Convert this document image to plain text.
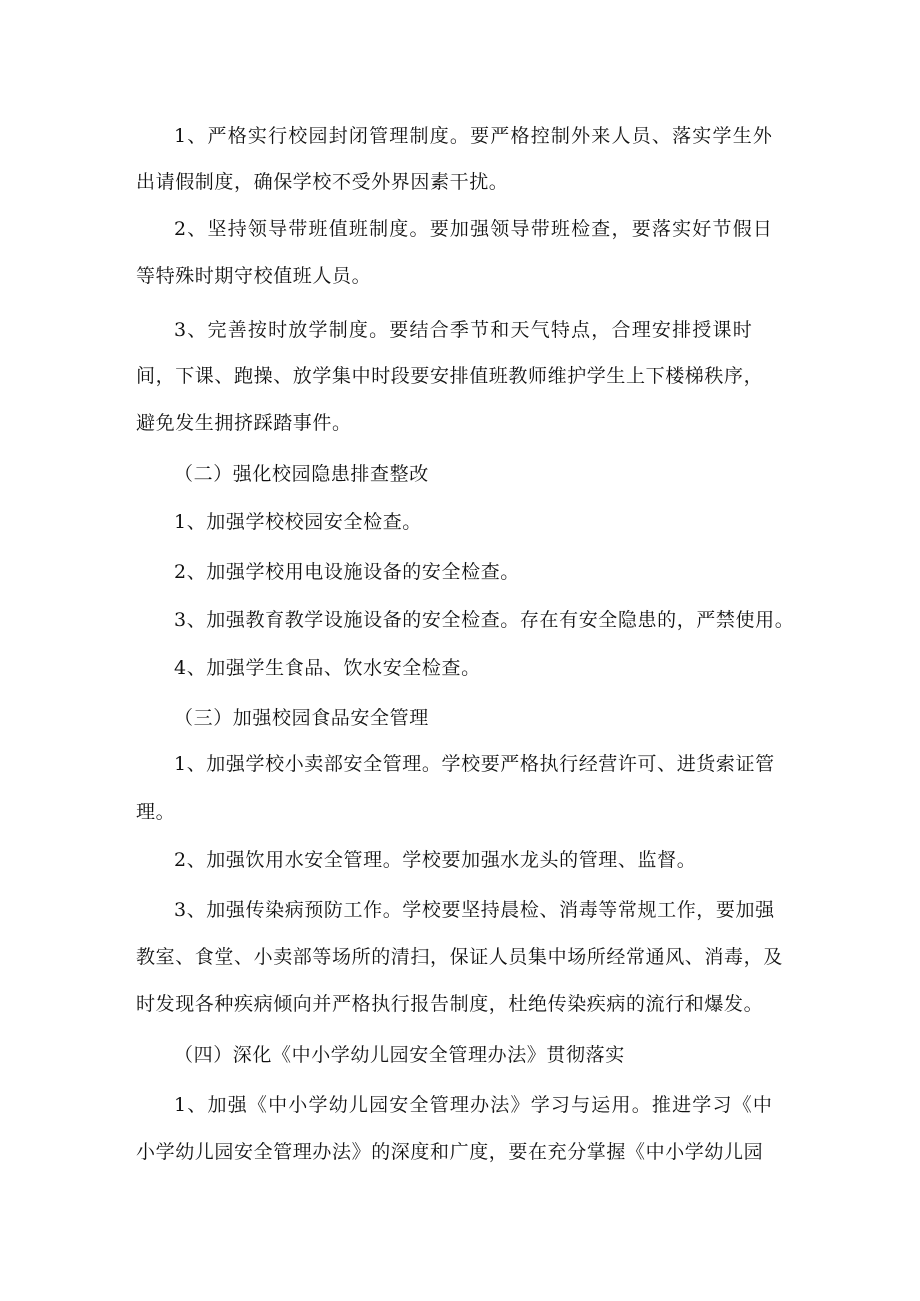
1、严格实行校园封闭管理制度。要严格控制外来人员、落实学生外
出请假制度，确保学校不受外界因素干扰。
2、坚持领导带班值班制度。要加强领导带班检查，要落实好节假日
等特殊时期守校值班人员。
3、完善按时放学制度。要结合季节和天气特点，合理安排授课时
间，下课、跑操、放学集中时段要安排值班教师维护学生上下楼梯秩序，
避免发生拥挤踩踏事件。
（二）强化校园隐患排查整改
1、加强学校校园安全检查。
2、加强学校用电设施设备的安全检查。
3、加强教育教学设施设备的安全检查。存在有安全隐患的，严禁使用。
4、加强学生食品、饮水安全检查。
（三）加强校园食品安全管理
1、加强学校小卖部安全管理。学校要严格执行经营许可、进货索证管
理。
2、加强饮用水安全管理。学校要加强水龙头的管理、监督。
3、加强传染病预防工作。学校要坚持晨检、消毒等常规工作，要加强
教室、食堂、小卖部等场所的清扫，保证人员集中场所经常通风、消毒，及
时发现各种疾病倾向并严格执行报告制度，杜绝传染疾病的流行和爆发。
（四）深化《中小学幼儿园安全管理办法》贯彻落实
1、加强《中小学幼儿园安全管理办法》学习与运用。推进学习《中
小学幼儿园安全管理办法》的深度和广度，要在充分掌握《中小学幼儿园
